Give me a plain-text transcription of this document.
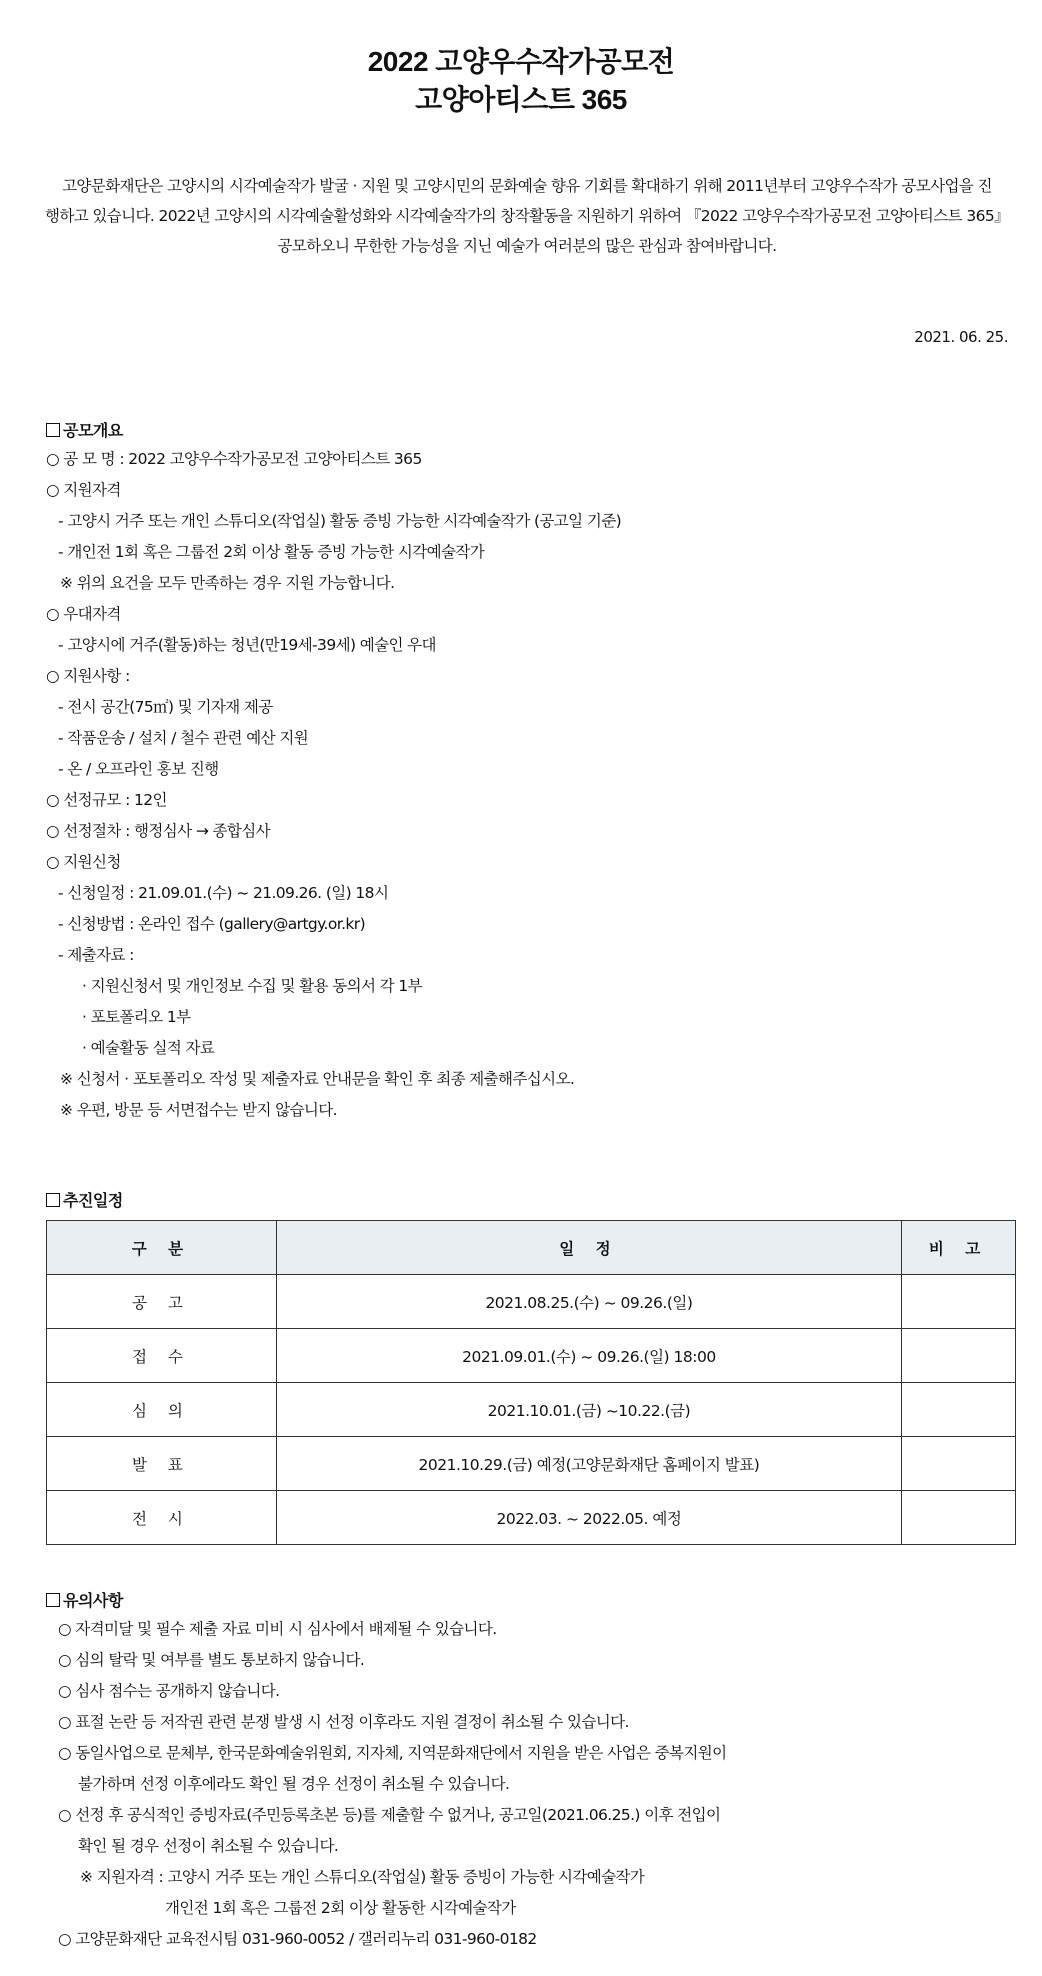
2022 고양우수작가공모전
고양아티스트 365
고양문화재단은 고양시의 시각예술작가 발굴 · 지원 및 고양시민의 문화예술 향유 기회를 확대하기 위해 2011년부터 고양우수작가 공모사업을 진
행하고 있습니다. 2022년 고양시의 시각예술활성화와 시각예술작가의 창작활동을 지원하기 위하여 『2022 고양우수작가공모전 고양아티스트 365』
공모하오니 무한한 가능성을 지닌 예술가 여러분의 많은 관심과 참여바랍니다.
2021. 06. 25.
공모개요
○ 공 모 명 : 2022 고양우수작가공모전 고양아티스트 365
○ 지원자격
- 고양시 거주 또는 개인 스튜디오(작업실) 활동 증빙 가능한 시각예술작가 (공고일 기준)
- 개인전 1회 혹은 그룹전 2회 이상 활동 증빙 가능한 시각예술작가
※ 위의 요건을 모두 만족하는 경우 지원 가능합니다.
○ 우대자격
- 고양시에 거주(활동)하는 청년(만19세-39세) 예술인 우대
○ 지원사항 :
- 전시 공간(75㎡) 및 기자재 제공
- 작품운송 / 설치 / 철수 관련 예산 지원
- 온 / 오프라인 홍보 진행
○ 선정규모 : 12인
○ 선정절차 : 행정심사 → 종합심사
○ 지원신청
- 신청일정 : 21.09.01.(수) ~ 21.09.26. (일) 18시
- 신청방법 : 온라인 접수 (gallery@artgy.or.kr)
- 제출자료 :
· 지원신청서 및 개인정보 수집 및 활용 동의서 각 1부
· 포토폴리오 1부
· 예술활동 실적 자료
※ 신청서 · 포토폴리오 작성 및 제출자료 안내문을 확인 후 최종 제출해주십시오.
※ 우편, 방문 등 서면접수는 받지 않습니다.
추진일정
구 분	일 정	비 고
공 고	2021.08.25.(수) ~ 09.26.(일)	
접 수	2021.09.01.(수) ~ 09.26.(일) 18:00	
심 의	2021.10.01.(금) ~10.22.(금)	
발 표	2021.10.29.(금) 예정(고양문화재단 홈페이지 발표)	
전 시	2022.03. ~ 2022.05. 예정	
유의사항
○ 자격미달 및 필수 제출 자료 미비 시 심사에서 배제될 수 있습니다.
○ 심의 탈락 및 여부를 별도 통보하지 않습니다.
○ 심사 점수는 공개하지 않습니다.
○ 표절 논란 등 저작권 관련 분쟁 발생 시 선정 이후라도 지원 결정이 취소될 수 있습니다.
○ 동일사업으로 문체부, 한국문화예술위원회, 지자체, 지역문화재단에서 지원을 받은 사업은 중복지원이
불가하며 선정 이후에라도 확인 될 경우 선정이 취소될 수 있습니다.
○ 선정 후 공식적인 증빙자료(주민등록초본 등)를 제출할 수 없거나, 공고일(2021.06.25.) 이후 전입이
확인 될 경우 선정이 취소될 수 있습니다.
※ 지원자격 : 고양시 거주 또는 개인 스튜디오(작업실) 활동 증빙이 가능한 시각예술작가
개인전 1회 혹은 그룹전 2회 이상 활동한 시각예술작가
○ 고양문화재단 교육전시팀 031-960-0052 / 갤러리누리 031-960-0182
